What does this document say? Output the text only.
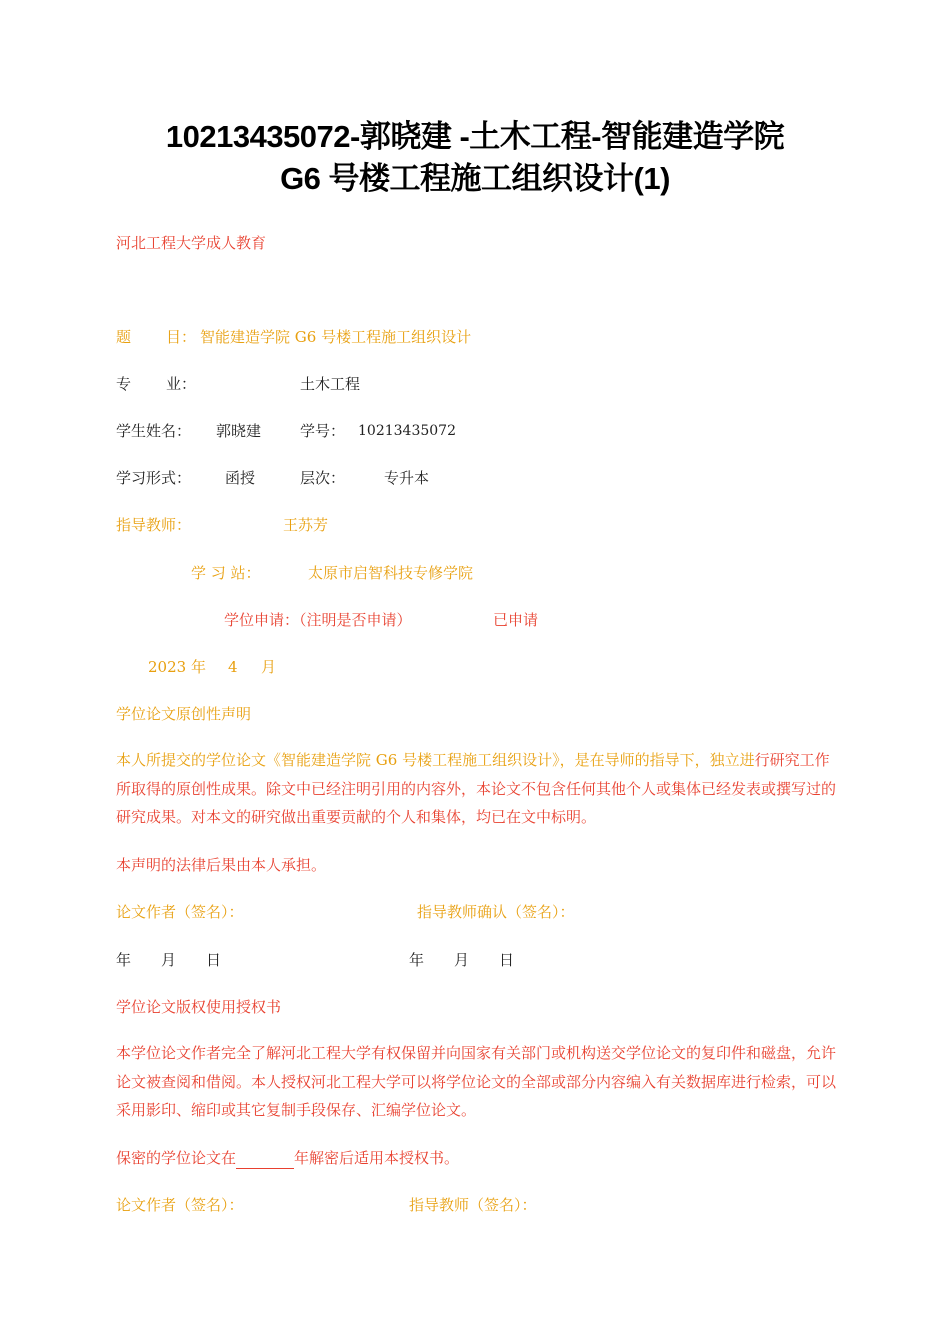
10213435072-郭晓建 -土木工程-智能建造学院
G6 号楼工程施工组织设计(1)
河北工程大学成人教育
题 目： 智能建造学院 G6 号楼工程施工组织设计
专 业：	土木工程
学生姓名： 郭晓建	学号： 10213435072
学习形式： 函授	层次：	专升本
指导教师：	王苏芳
学 习 站：	太原市启智科技专修学院
学位申请：（注明是否申请）	已申请
2023 年 4 月
学位论文原创性声明
本人所提交的学位论文《智能建造学院 G6 号楼工程施工组织设计》，是在导师的指导下，独立进行研究工作所取得的原创性成果。除文中已经注明引用的内容外，本论文不包含任何其他个人或集体已经发表或撰写过的研究成果。对本文的研究做出重要贡献的个人和集体，均已在文中标明。
本声明的法律后果由本人承担。
论文作者（签名）：	指导教师确认（签名）：
年　　月　　日	年　　月　　日
学位论文版权使用授权书
本学位论文作者完全了解河北工程大学有权保留并向国家有关部门或机构送交学位论文的复印件和磁盘，允许论文被查阅和借阅。本人授权河北工程大学可以将学位论文的全部或部分内容编入有关数据库进行检索，可以采用影印、缩印或其它复制手段保存、汇编学位论文。
保密的学位论文在	年解密后适用本授权书。
论文作者（签名）：	指导教师（签名）：
